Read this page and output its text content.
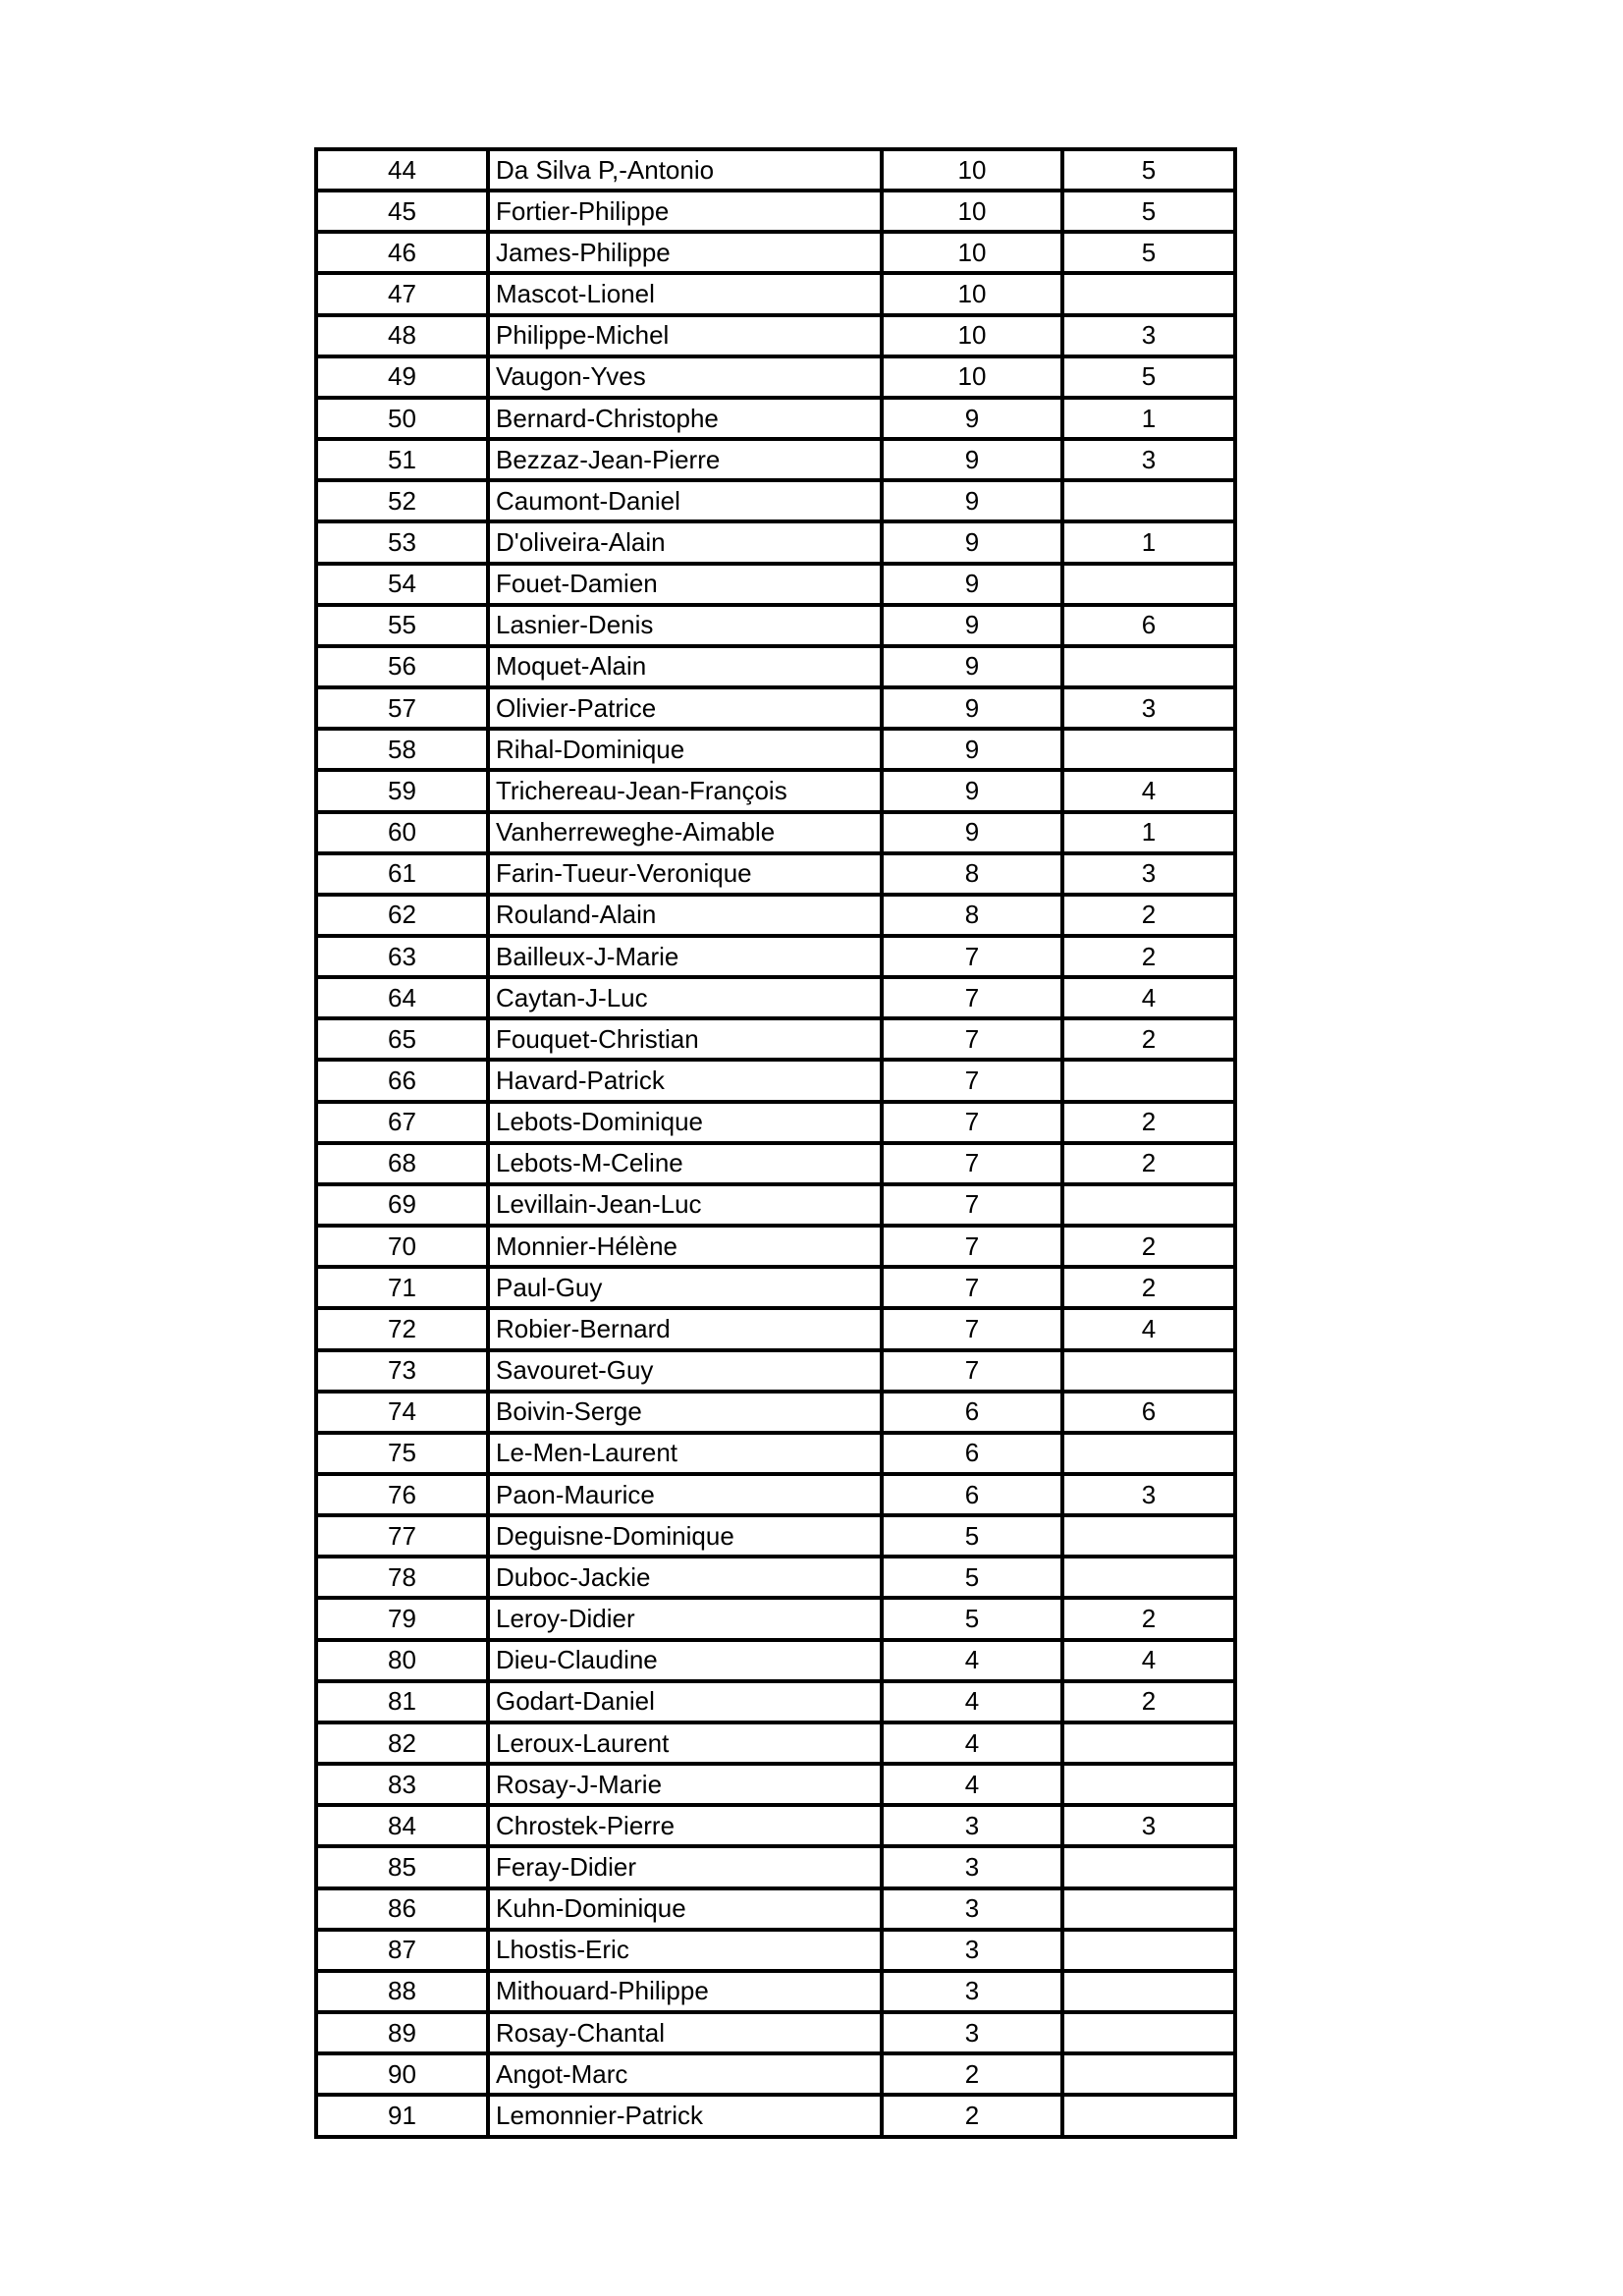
44	Da Silva P,-Antonio	10	5
45	Fortier-Philippe	10	5
46	James-Philippe	10	5
47	Mascot-Lionel	10	
48	Philippe-Michel	10	3
49	Vaugon-Yves	10	5
50	Bernard-Christophe	9	1
51	Bezzaz-Jean-Pierre	9	3
52	Caumont-Daniel	9	
53	D'oliveira-Alain	9	1
54	Fouet-Damien	9	
55	Lasnier-Denis	9	6
56	Moquet-Alain	9	
57	Olivier-Patrice	9	3
58	Rihal-Dominique	9	
59	Trichereau-Jean-François	9	4
60	Vanherreweghe-Aimable	9	1
61	Farin-Tueur-Veronique	8	3
62	Rouland-Alain	8	2
63	Bailleux-J-Marie	7	2
64	Caytan-J-Luc	7	4
65	Fouquet-Christian	7	2
66	Havard-Patrick	7	
67	Lebots-Dominique	7	2
68	Lebots-M-Celine	7	2
69	Levillain-Jean-Luc	7	
70	Monnier-Hélène	7	2
71	Paul-Guy	7	2
72	Robier-Bernard	7	4
73	Savouret-Guy	7	
74	Boivin-Serge	6	6
75	Le-Men-Laurent	6	
76	Paon-Maurice	6	3
77	Deguisne-Dominique	5	
78	Duboc-Jackie	5	
79	Leroy-Didier	5	2
80	Dieu-Claudine	4	4
81	Godart-Daniel	4	2
82	Leroux-Laurent	4	
83	Rosay-J-Marie	4	
84	Chrostek-Pierre	3	3
85	Feray-Didier	3	
86	Kuhn-Dominique	3	
87	Lhostis-Eric	3	
88	Mithouard-Philippe	3	
89	Rosay-Chantal	3	
90	Angot-Marc	2	
91	Lemonnier-Patrick	2	
